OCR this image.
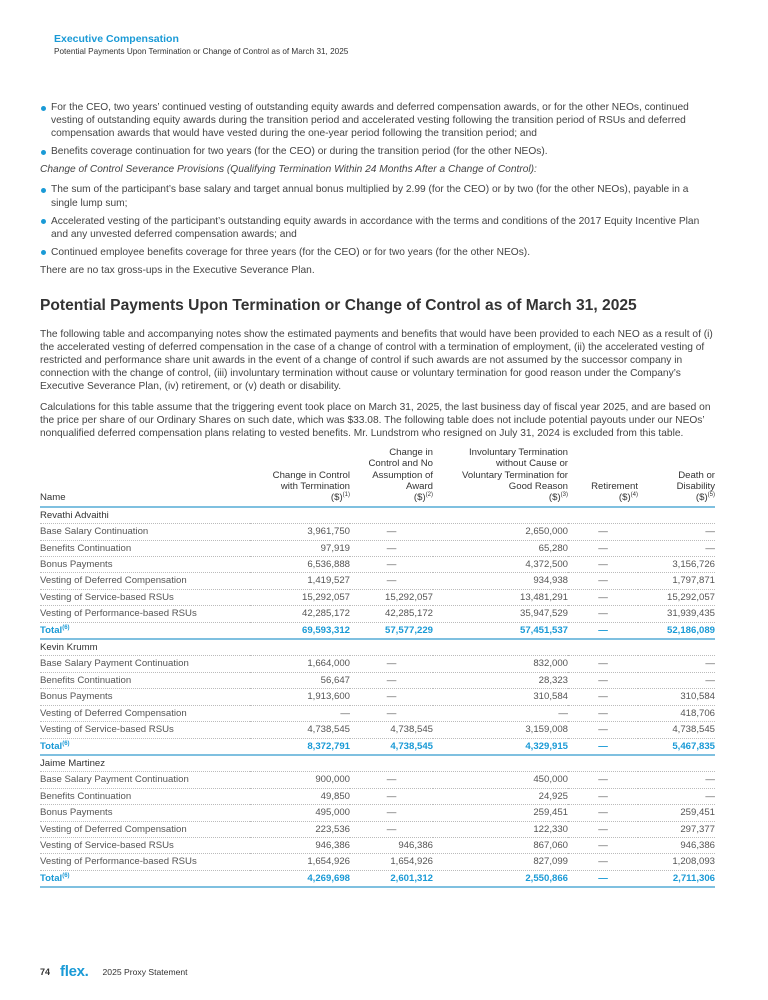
Executive Compensation
Potential Payments Upon Termination or Change of Control as of March 31, 2025
For the CEO, two years’ continued vesting of outstanding equity awards and deferred compensation awards, or for the other NEOs, continued vesting of outstanding equity awards during the transition period and accelerated vesting following the transition period of RSUs and deferred compensation awards that would have vested during the one-year period following the transition period; and
Benefits coverage continuation for two years (for the CEO) or during the transition period (for the other NEOs).

Change of Control Severance Provisions (Qualifying Termination Within 24 Months After a Change of Control):

The sum of the participant’s base salary and target annual bonus multiplied by 2.99 (for the CEO) or by two (for the other NEOs), payable in a single lump sum;
Accelerated vesting of the participant’s outstanding equity awards in accordance with the terms and conditions of the 2017 Equity Incentive Plan and any unvested deferred compensation awards; and
Continued employee benefits coverage for three years (for the CEO) or for two years (for the other NEOs).

There are no tax gross-ups in the Executive Severance Plan.

Potential Payments Upon Termination or Change of Control as of March 31, 2025

The following table and accompanying notes show the estimated payments and benefits that would have been provided to each NEO as a result of (i) the accelerated vesting of deferred compensation in the case of a change of control with a termination of employment, (ii) the accelerated vesting of restricted and performance share unit awards in the event of a change of control if such awards are not assumed by the successor company in connection with the change of control, (iii) involuntary termination without cause or voluntary termination for good reason under the Company’s Executive Severance Plan, (iv) retirement, or (v) death or disability.

Calculations for this table assume that the triggering event took place on March 31, 2025, the last business day of fiscal year 2025, and are based on the price per share of our Ordinary Shares on such date, which was $33.08. The following table does not include potential payouts under our NEOs’ nonqualified deferred compensation plans relating to vested benefits. Mr. Lundstrom who resigned on July 31, 2024 is excluded from this table.

Name	Change in Control
with Termination
($)$^{(1)}$	Change in
Control and No
Assumption of
Award
($)$^{(2)}$	Involuntary Termination
without Cause or
Voluntary Termination for
Good Reason
($)$^{(3)}$	Retirement
($)$^{(4)}$	Death or
Disability
($)$^{(5)}$
Revathi Advaithi					
Base Salary Continuation	3,961,750	—	2,650,000	—	—
Benefits Continuation	97,919	—	65,280	—	—
Bonus Payments	6,536,888	—	4,372,500	—	3,156,726
Vesting of Deferred Compensation	1,419,527	—	934,938	—	1,797,871
Vesting of Service-based RSUs	15,292,057	15,292,057	13,481,291	—	15,292,057
Vesting of Performance-based RSUs	42,285,172	42,285,172	35,947,529	—	31,939,435
Total$^{(6)}$	69,593,312	57,577,229	57,451,537	—	52,186,089
Kevin Krumm					
Base Salary Payment Continuation	1,664,000	—	832,000	—	—
Benefits Continuation	56,647	—	28,323	—	—
Bonus Payments	1,913,600	—	310,584	—	310,584
Vesting of Deferred Compensation	—	—	—	—	418,706
Vesting of Service-based RSUs	4,738,545	4,738,545	3,159,008	—	4,738,545
Total$^{(6)}$	8,372,791	4,738,545	4,329,915	—	5,467,835
Jaime Martinez					
Base Salary Payment Continuation	900,000	—	450,000	—	—
Benefits Continuation	49,850	—	24,925	—	—
Bonus Payments	495,000	—	259,451	—	259,451
Vesting of Deferred Compensation	223,536	—	122,330	—	297,377
Vesting of Service-based RSUs	946,386	946,386	867,060	—	946,386
Vesting of Performance-based RSUs	1,654,926	1,654,926	827,099	—	1,208,093
Total$^{(6)}$	4,269,698	2,601,312	2,550,866	—	2,711,306
74 flex. 2025 Proxy Statement
